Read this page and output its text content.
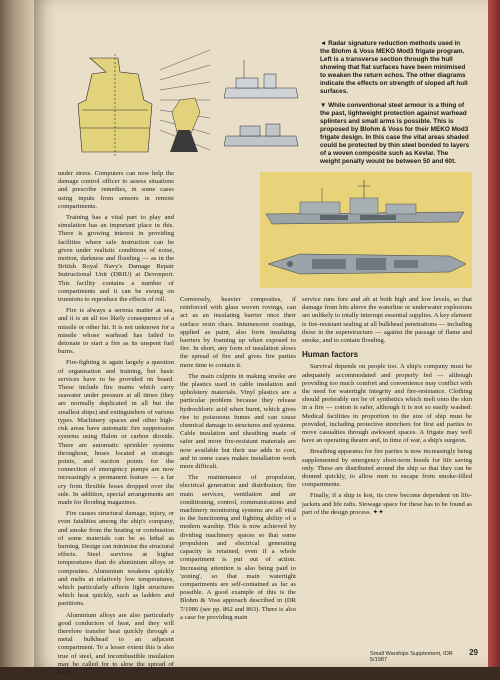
◄ Radar signature reduction methods used in the Blohm & Voss MEKO Mod3 frigate program. Left is a transverse section through the hull showing that flat surfaces have been minimised to weaken the return echos. The other diagrams indicate the effects on strength of sloped aft hull surfaces.

▼ While conventional steel armour is a thing of the past, lightweight protection against warhead splinters and small arms is possible. This is proposed by Blohm & Voss for their MEKO Mod3 frigate design. In this case the vital areas shaded could be protected by thin steel bonded to layers of a woven composite such as Kevlar. The weight penalty would be between 50 and 60t.

under stress. Computers can now help the damage control officer to assess situations and prescribe remedies, in some cases using inputs from sensors in remote compartments.

Training has a vital part to play and simulation has an important place in this. There is growing interest in providing facilities where safe instruction can be given under realistic conditions of noise, motion, darkness and flooding — as in the British Royal Navy's Damage Repair Instructional Unit (DRIU) at Devonport. This facility contains a number of compartments and it can be swung on trunnions to reproduce the effects of roll.

Fire is always a serious matter at sea, and it is an all too likely consequence of a missile or other hit. It is not unknown for a missile whose warhead has failed to detonate to start a fire as its unspent fuel burns.

Fire-fighting is again largely a question of organisation and training, but basic services have to be provided on board. These include fire mains which carry seawater under pressure at all times (they are normally duplicated in all but the smallest ships) and extinguishers of various types. Machinery spaces and other high-risk areas have automatic fire suppression systems using Halon or carbon dioxide. There are automatic sprinkler systems throughout, hoses located at strategic points, and suction points for the connection of emergency pumps are now increasingly a permanent feature — a far cry from flexible hoses dropped over the side. In addition, special arrangements are made for flooding magazines.

Fire causes structural damage, injury, or even fatalities among the ship's company, and smoke from the heating or combustion of some materials can be as lethal as burning. Design can minimise the structural effects. Steel survives at higher temperatures than do aluminium alloys or composites. Aluminium weakens quickly and melts at relatively low temperatures, which particularly affects light structures which heat quickly, such as ladders and partitions.

Aluminium alloys are also particularly good conductors of heat, and they will therefore transfer heat quickly through a metal bulkhead to an adjacent compartment. To a lesser extent this is also true of steel, and incombustible insulation may be called for to slow the spread of heat.

Conversely, heavier composites, if reinforced with glass woven rovings, can act as an insulating barrier once their surface resin chars. Intumescent coatings, applied as paint, also form insulating barriers by foaming up when exposed to fire. In short, any form of insulation slows the spread of fire and gives fire parties more time to contain it.

The main culprits in making smoke are the plastics used in cable insulation and upholstery materials. Vinyl plastics are a particular problem because they release hydrochloric acid when burnt, which gives rise to poisonous fumes and can cause chemical damage to structures and systems. Cable insulation and sheathing made of safer and more fire-resistant materials are now available but their use adds to cost, and in some cases makes installation work more difficult.

The maintenance of propulsion, electrical generation and distribution, fire main services, ventilation and air conditioning, control, communications and machinery monitoring systems are all vital to the functioning and fighting ability of a modern warship. This is now achieved by dividing machinery spaces so that some propulsion and electrical generating capacity is retained, even if a whole compartment is put out of action. Increasing attention is also being paid to 'zoning', so that main watertight compartments are self-contained as far as possible. A good example of this is the Blohm & Voss approach described in (DR 7/1986 (see pp. 862 and 863). There is also a case for providing main

service runs fore and aft at both high and low levels, so that damage from hits above the waterline or underwater explosions are unlikely to totally interrupt essential supplies. A key element is fire-resistant sealing at all bulkhead penetrations — including those in the superstructure — against the passage of flame and smoke, and to contain flooding.

Human factors

Survival depends on people too. A ship's company must be adequately accommodated and properly fed — although providing too much comfort and convenience may conflict with the need for watertight integrity and fire-resistance. Clothing should preferably not be of synthetics which melt onto the skin in a fire — cotton is safer, although it is not so easily washed. Medical facilities in proportion to the size of ship must be provided, including protective stretchers for first aid parties to move casualties through awkward spaces. A frigate may well have an operating theatre and, in time of war, a ship's surgeon.

Breathing apparatus for fire parties is now increasingly being supplemented by emergency short-term hoods for life saving only. These are distributed around the ship so that they can be donned quickly, to allow men to escape from smoke-filled compartments.

Finally, if a ship is lost, its crew become dependent on life-jackets and life rafts. Stowage space for these has to be found as part of the design process. ✦✦

Small Warships Supplement, IDR 5/1987
29
